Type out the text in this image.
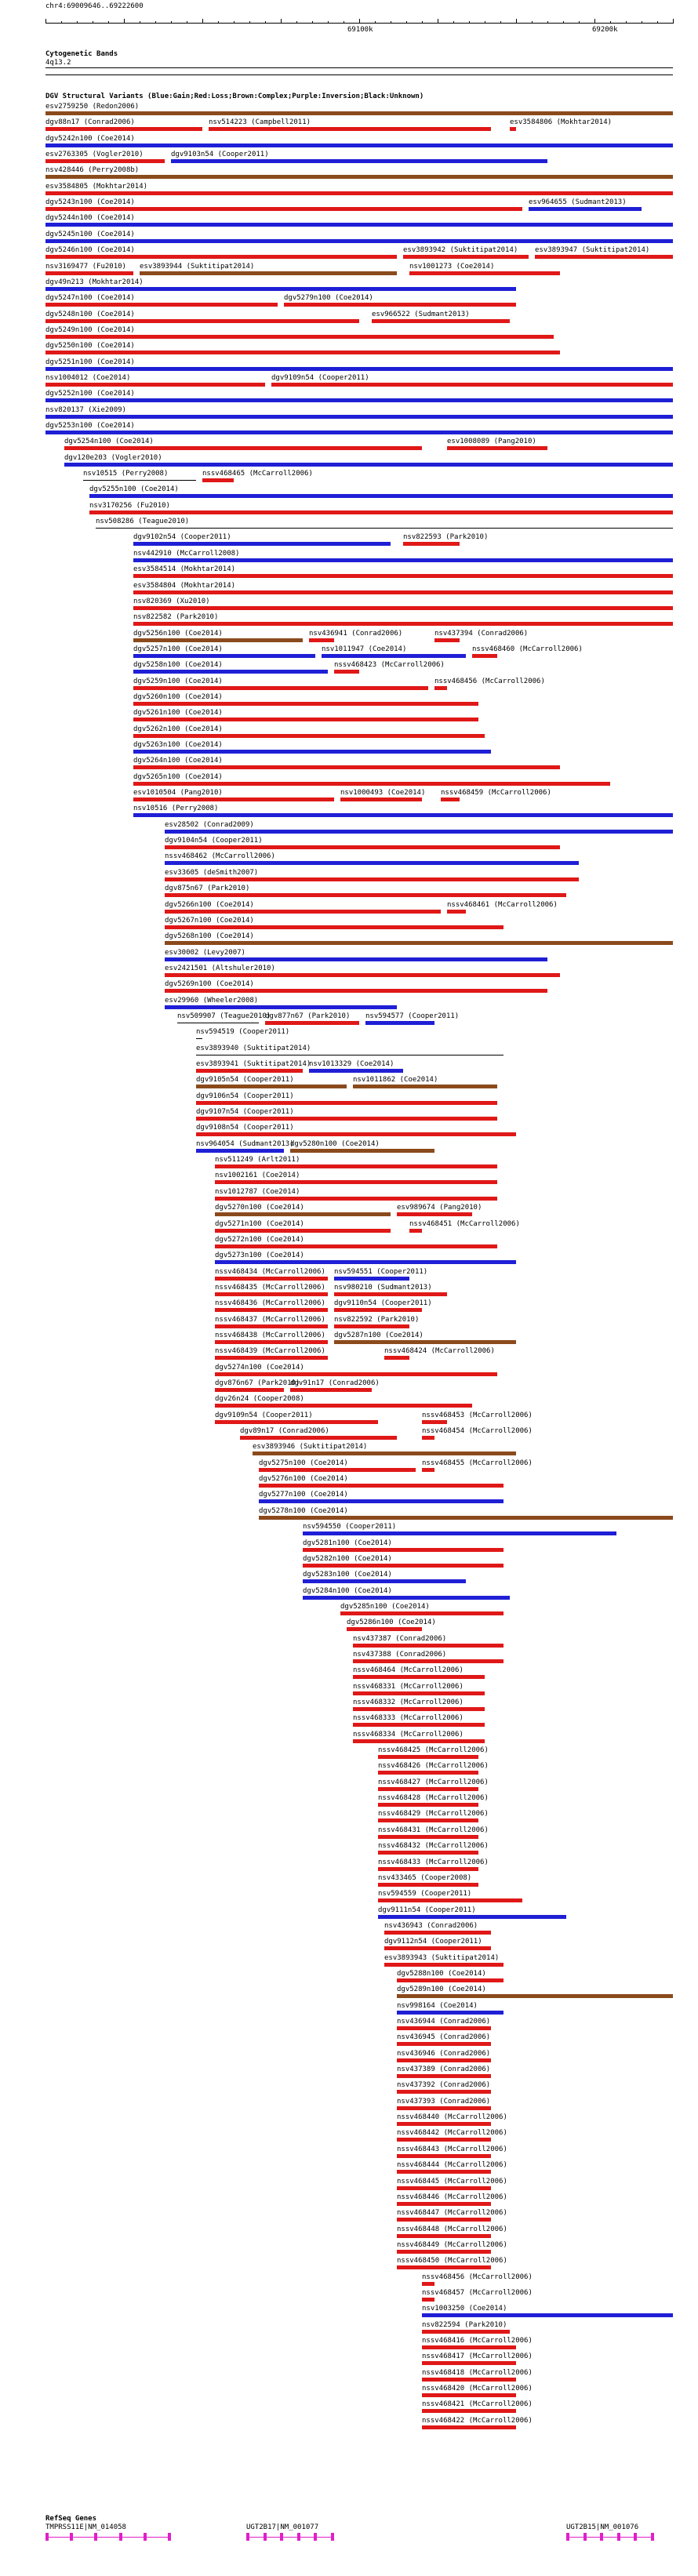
chr4:69009646..69222600
69100k	69200k
Cytogenetic Bands
4q13.2
DGV Structural Variants (Blue:Gain;Red:Loss;Brown:Complex;Purple:Inversion;Black:Unknown)
esv2759250 (Redon2006)
dgv88n17 (Conrad2006)	nsv514223 (Campbell2011)	esv3584806 (Mokhtar2014)
dgv5242n100 (Coe2014)
esv2763305 (Vogler2010)	dgv9103n54 (Cooper2011)
nsv428446 (Perry2008b)
esv3584805 (Mokhtar2014)
dgv5243n100 (Coe2014)	esv964655 (Sudmant2013)
dgv5244n100 (Coe2014)
dgv5245n100 (Coe2014)
dgv5246n100 (Coe2014)	esv3893942 (Suktitipat2014) esv3893947 (Suktitipat2014)
nsv3169477 (Fu2010) esv3893944 (Suktitipat2014)	nsv1001273 (Coe2014)
dgv49n213 (Mokhtar2014)
dgv5247n100 (Coe2014)	dgv5279n100 (Coe2014)
dgv5248n100 (Coe2014)	esv966522 (Sudmant2013)
dgv5249n100 (Coe2014)
dgv5250n100 (Coe2014)
dgv5251n100 (Coe2014)
nsv1004012 (Coe2014)	dgv9109n54 (Cooper2011)
dgv5252n100 (Coe2014)
nsv820137 (Xie2009)
dgv5253n100 (Coe2014)
dgv5254n100 (Coe2014)	esv1008089 (Pang2010)
dgv120e203 (Vogler2010)
nsv10515 (Perry2008)	nssv468465 (McCarroll2006)
dgv5255n100 (Coe2014)
nsv3170256 (Fu2010)
nsv508286 (Teague2010)
dgv9102n54 (Cooper2011)	nsv822593 (Park2010)
nsv442910 (McCarroll2008)
esv3584514 (Mokhtar2014)
esv3584804 (Mokhtar2014)
nsv820369 (Xu2010)
nsv822582 (Park2010)
dgv5256n100 (Coe2014)	nsv436941 (Conrad2006)	nsv437394 (Conrad2006)
dgv5257n100 (Coe2014)	nsv1011947 (Coe2014)	nssv468460 (McCarroll2006)
dgv5258n100 (Coe2014)	nssv468423 (McCarroll2006)
dgv5259n100 (Coe2014)	nssv468456 (McCarroll2006)
dgv5260n100 (Coe2014)
dgv5261n100 (Coe2014)
dgv5262n100 (Coe2014)
dgv5263n100 (Coe2014)
dgv5264n100 (Coe2014)
dgv5265n100 (Coe2014)
esv1010504 (Pang2010)	nsv1000493 (Coe2014) nssv468459 (McCarroll2006)
nsv10516 (Perry2008)
esv28502 (Conrad2009)
dgv9104n54 (Cooper2011)
nssv468462 (McCarroll2006)
esv33605 (deSmith2007)
dgv875n67 (Park2010)
dgv5266n100 (Coe2014)	nssv468461 (McCarroll2006)
dgv5267n100 (Coe2014)
dgv5268n100 (Coe2014)
esv30002 (Levy2007)
esv2421501 (Altshuler2010)
dgv5269n100 (Coe2014)
esv29960 (Wheeler2008)
nsv509907 (Teague2010)
dgv877n67 (Park2010) nsv594577 (Cooper2011)
nsv594519 (Cooper2011)
esv3893940 (Suktitipat2014)
esv3893941 (Suktitipat2014)
nsv1013329 (Coe2014)
dgv9105n54 (Cooper2011)	nsv1011862 (Coe2014)
dgv9106n54 (Cooper2011)
dgv9107n54 (Cooper2011)
dgv9108n54 (Cooper2011)
nsv964054 (Sudmant2013)
dgv5280n100 (Coe2014)
nsv511249 (Arlt2011)
nsv1002161 (Coe2014)
nsv1012787 (Coe2014)
dgv5270n100 (Coe2014)	esv989674 (Pang2010)
dgv5271n100 (Coe2014)	nssv468451 (McCarroll2006)
dgv5272n100 (Coe2014)
dgv5273n100 (Coe2014)
nssv468434 (McCarroll2006) nsv594551 (Cooper2011)
nssv468435 (McCarroll2006) nsv980210 (Sudmant2013)
nssv468436 (McCarroll2006) dgv9110n54 (Cooper2011)
nssv468437 (McCarroll2006) nsv822592 (Park2010)
nssv468438 (McCarroll2006) dgv5287n100 (Coe2014)
nssv468439 (McCarroll2006)	nssv468424 (McCarroll2006)
dgv5274n100 (Coe2014)
dgv876n67 (Park2010)
dgv91n17 (Conrad2006)
dgv26n24 (Cooper2008)
dgv9109n54 (Cooper2011)	nssv468453 (McCarroll2006)
dgv89n17 (Conrad2006)	nssv468454 (McCarroll2006)
esv3893946 (Suktitipat2014)
dgv5275n100 (Coe2014)	nssv468455 (McCarroll2006)
dgv5276n100 (Coe2014)
dgv5277n100 (Coe2014)
dgv5278n100 (Coe2014)
nsv594550 (Cooper2011)
dgv5281n100 (Coe2014)
dgv5282n100 (Coe2014)
dgv5283n100 (Coe2014)
dgv5284n100 (Coe2014)
dgv5285n100 (Coe2014)
dgv5286n100 (Coe2014)
nsv437387 (Conrad2006)
nsv437388 (Conrad2006)
nssv468464 (McCarroll2006)
nssv468331 (McCarroll2006)
nssv468332 (McCarroll2006)
nssv468333 (McCarroll2006)
nssv468334 (McCarroll2006)
nssv468425 (McCarroll2006)
nssv468426 (McCarroll2006)
nssv468427 (McCarroll2006)
nssv468428 (McCarroll2006)
nssv468429 (McCarroll2006)
nssv468431 (McCarroll2006)
nssv468432 (McCarroll2006)
nssv468433 (McCarroll2006)
nsv433465 (Cooper2008)
nsv594559 (Cooper2011)
dgv9111n54 (Cooper2011)
nsv436943 (Conrad2006)
dgv9112n54 (Cooper2011)
esv3893943 (Suktitipat2014)
dgv5288n100 (Coe2014)
dgv5289n100 (Coe2014)
nsv998164 (Coe2014)
nsv436944 (Conrad2006)
nsv436945 (Conrad2006)
nsv436946 (Conrad2006)
nsv437389 (Conrad2006)
nsv437392 (Conrad2006)
nsv437393 (Conrad2006)
nssv468440 (McCarroll2006)
nssv468442 (McCarroll2006)
nssv468443 (McCarroll2006)
nssv468444 (McCarroll2006)
nssv468445 (McCarroll2006)
nssv468446 (McCarroll2006)
nssv468447 (McCarroll2006)
nssv468448 (McCarroll2006)
nssv468449 (McCarroll2006)
nssv468450 (McCarroll2006)
nssv468456 (McCarroll2006)
nssv468457 (McCarroll2006)
nsv1003250 (Coe2014)
nsv822594 (Park2010)
nssv468416 (McCarroll2006)
nssv468417 (McCarroll2006)
nssv468418 (McCarroll2006)
nssv468420 (McCarroll2006)
nssv468421 (McCarroll2006)
nssv468422 (McCarroll2006)
RefSeq Genes
TMPRSS11E|NM_014058	UGT2B17|NM_001077	UGT2B15|NM_001076
